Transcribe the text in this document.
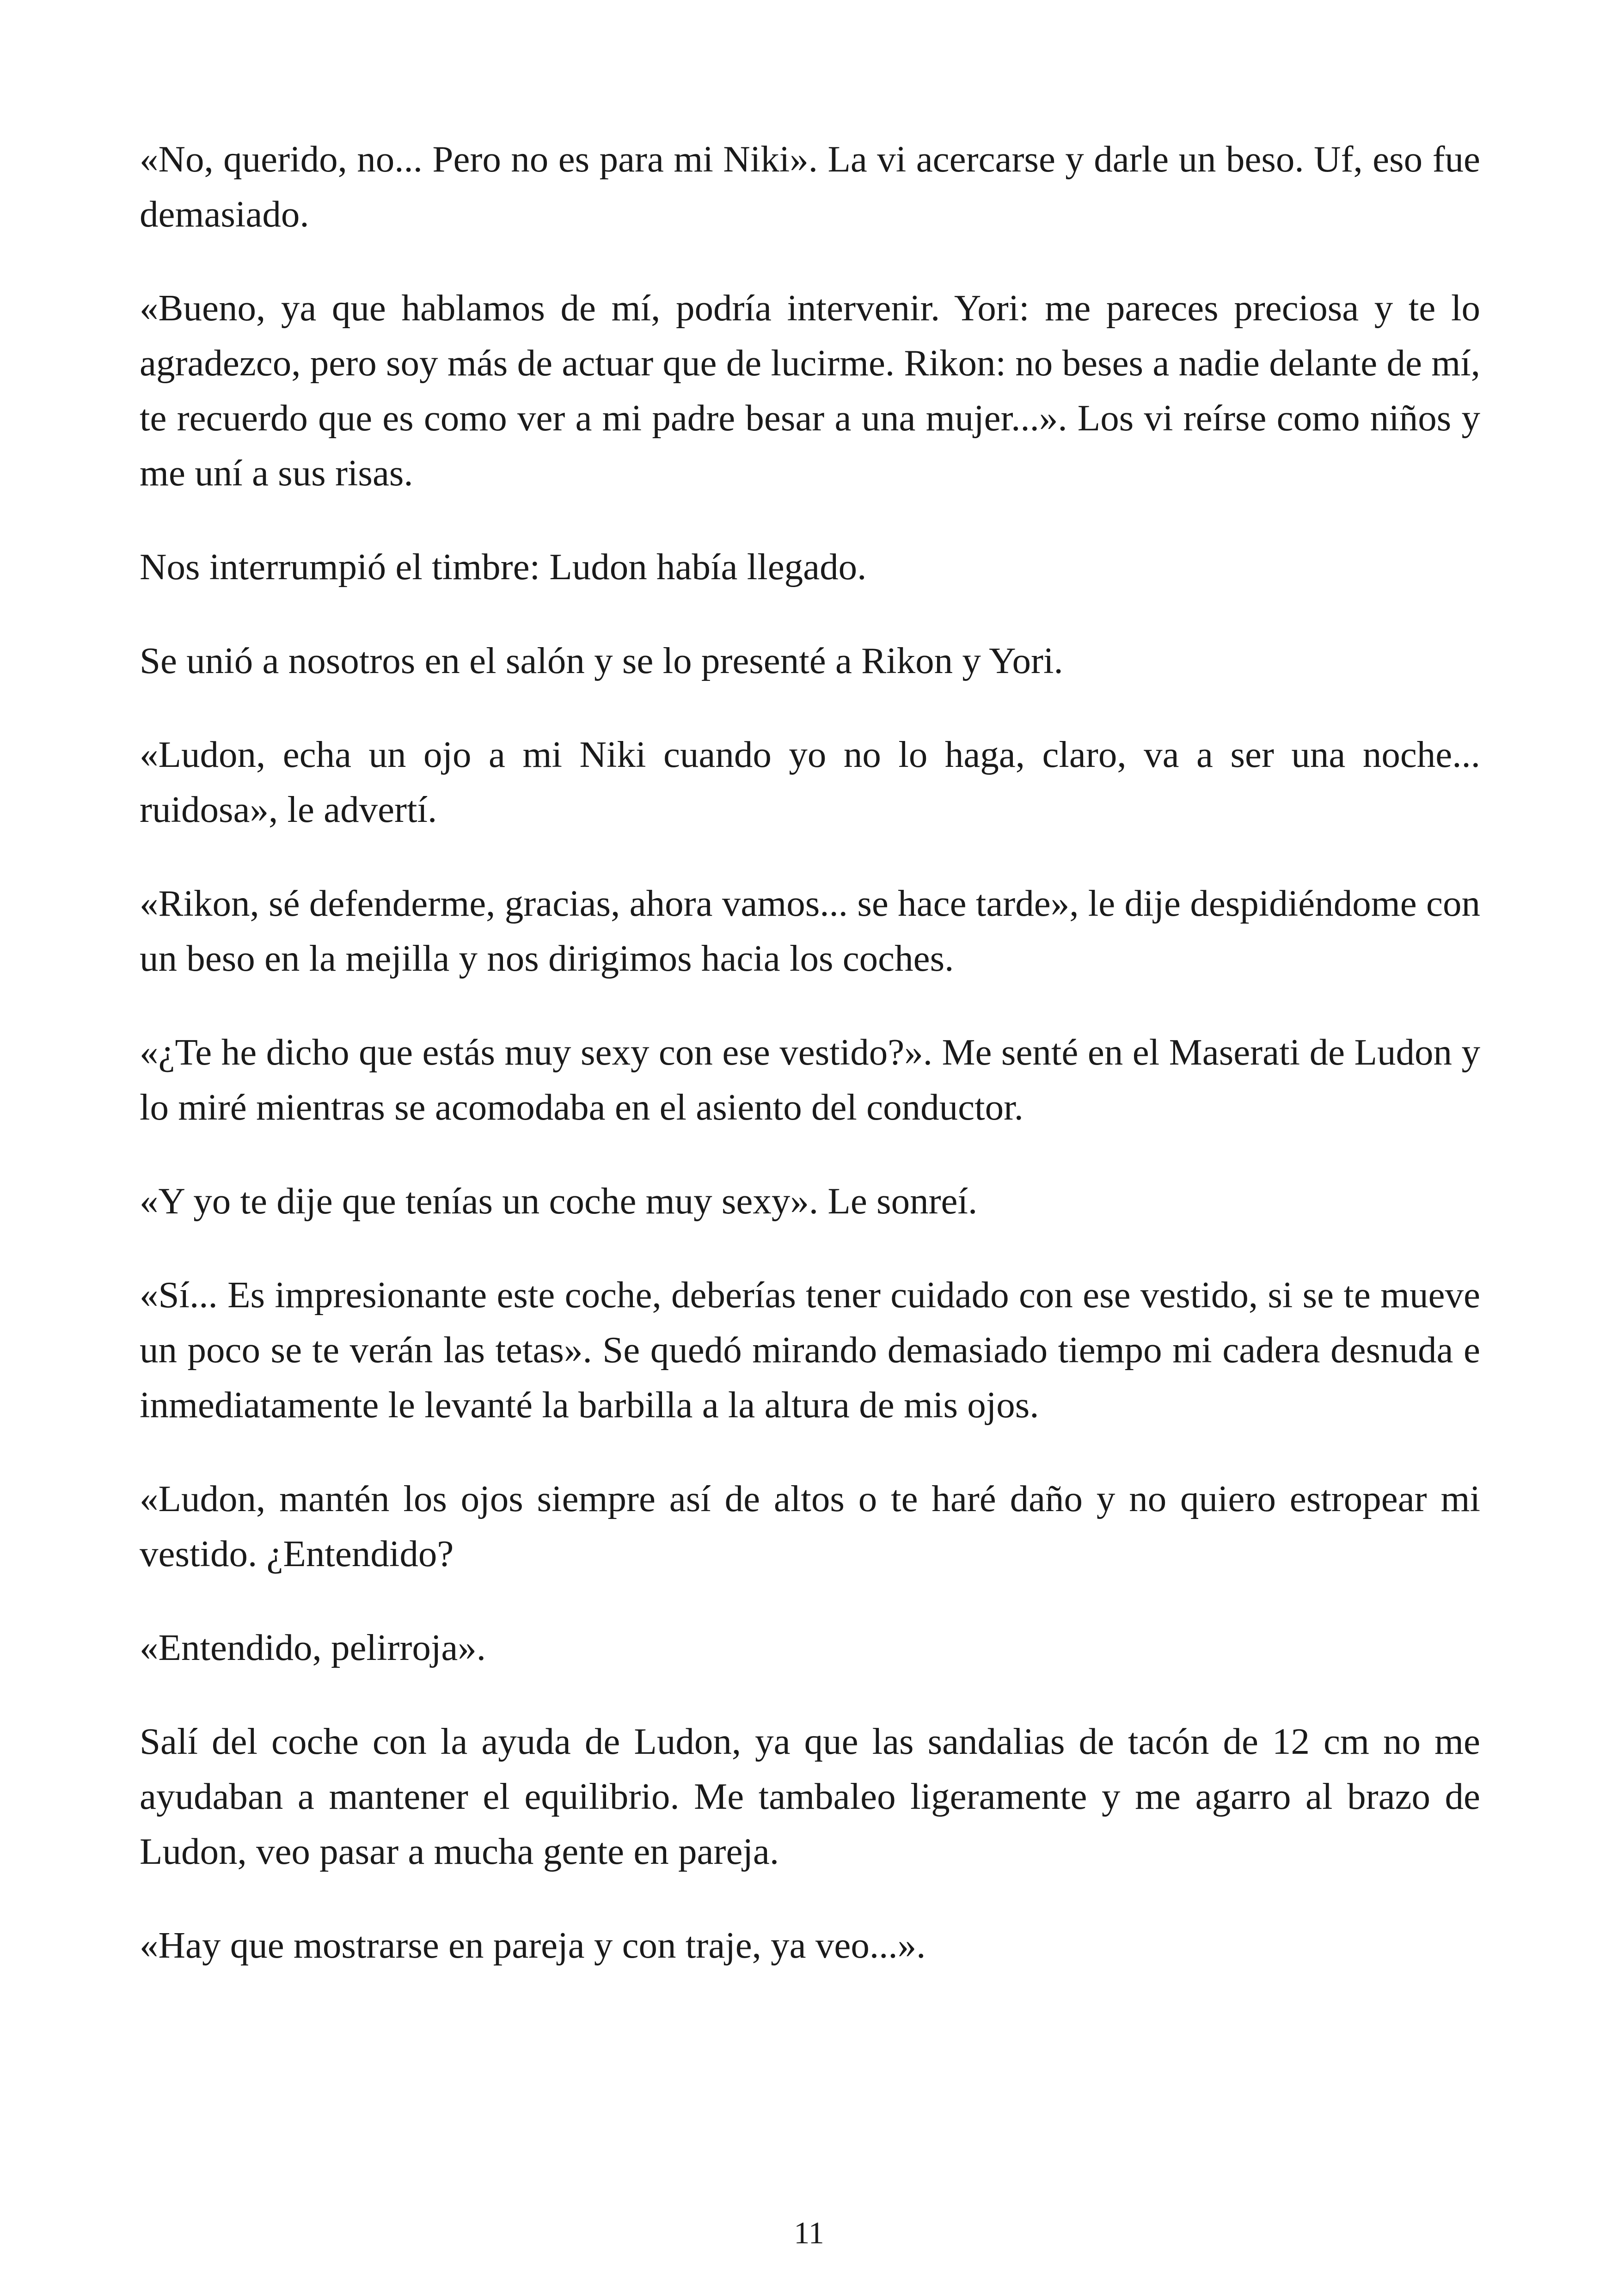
«No, querido, no... Pero no es para mi Niki». La vi acercarse y darle un beso. Uf, eso fue demasiado.

«Bueno, ya que hablamos de mí, podría intervenir. Yori: me pareces preciosa y te lo agradezco, pero soy más de actuar que de lucirme. Rikon: no beses a nadie delante de mí, te recuerdo que es como ver a mi padre besar a una mujer...». Los vi reírse como niños y me uní a sus risas.

Nos interrumpió el timbre: Ludon había llegado.

Se unió a nosotros en el salón y se lo presenté a Rikon y Yori.

«Ludon, echa un ojo a mi Niki cuando yo no lo haga, claro, va a ser una noche... ruidosa», le advertí.

«Rikon, sé defenderme, gracias, ahora vamos... se hace tarde», le dije despidiéndome con un beso en la mejilla y nos dirigimos hacia los coches.

«¿Te he dicho que estás muy sexy con ese vestido?». Me senté en el Maserati de Ludon y lo miré mientras se acomodaba en el asiento del conductor.

«Y yo te dije que tenías un coche muy sexy». Le sonreí.

«Sí... Es impresionante este coche, deberías tener cuidado con ese vestido, si se te mueve un poco se te verán las tetas». Se quedó mirando demasiado tiempo mi cadera desnuda e inmediatamente le levanté la barbilla a la altura de mis ojos.

«Ludon, mantén los ojos siempre así de altos o te haré daño y no quiero estropear mi vestido. ¿Entendido?

«Entendido, pelirroja».

Salí del coche con la ayuda de Ludon, ya que las sandalias de tacón de 12 cm no me ayudaban a mantener el equilibrio. Me tambaleo ligeramente y me agarro al brazo de Ludon, veo pasar a mucha gente en pareja.

«Hay que mostrarse en pareja y con traje, ya veo...».

11
